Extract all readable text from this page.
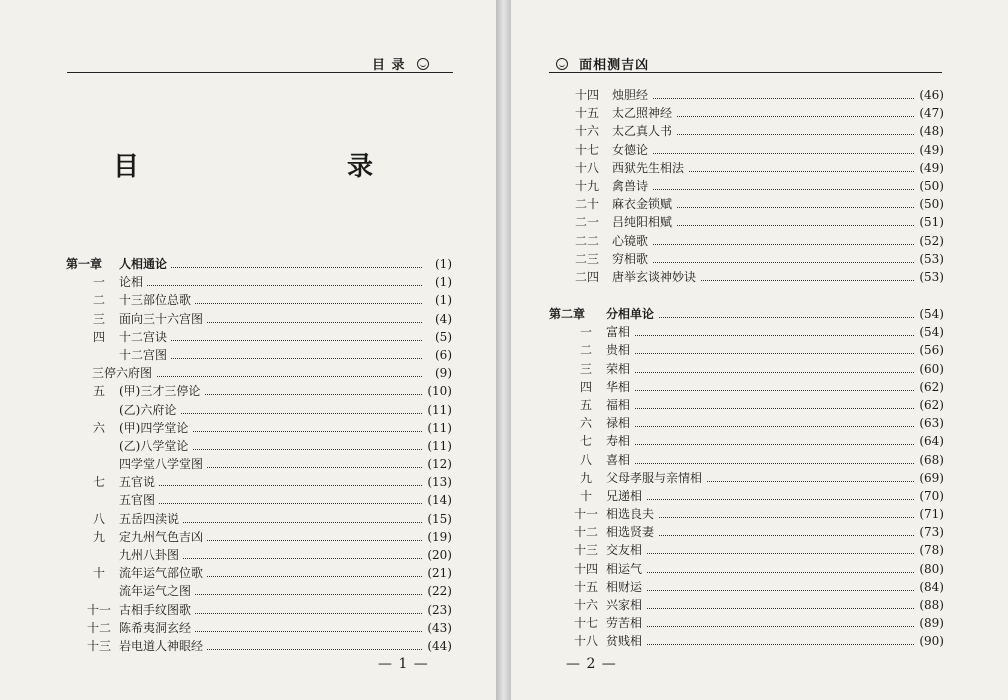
目 录
目　　录
第一章	人相通论	(1)
一	论相	(1)
二	十三部位总歌	(1)
三	面向三十六宫图	(4)
四	十二宫诀	(5)
十二宫图	(6)
三停六府图	(9)
五	(甲)三才三停论	(10)
(乙)六府论	(11)
六	(甲)四学堂论	(11)
(乙)八学堂论	(11)
四学堂八学堂图	(12)
七	五官说	(13)
五官图	(14)
八	五岳四渎说	(15)
九	定九州气色吉凶	(19)
九州八卦图	(20)
十	流年运气部位歌	(21)
流年运气之图	(22)
十一 古相手纹图歌	(23)
十二 陈希夷洞玄经	(43)
十三 岩电道人神眼经	(44)
— 1 —
面相测吉凶
十四 烛胆经	(46)
十五 太乙照神经	(47)
十六 太乙真人书	(48)
十七 女德论	(49)
十八 西狱先生相法	(49)
十九 禽兽诗	(50)
二十 麻衣金锁赋	(50)
二一 吕纯阳相赋	(51)
二二 心镜歌	(52)
二三 穷相歌	(53)
二四 唐举玄谈神妙诀	(53)
第二章	分相单论	(54)
一	富相	(54)
二	贵相	(56)
三	荣相	(60)
四	华相	(62)
五	福相	(62)
六	禄相	(63)
七	寿相	(64)
八	喜相	(68)
九	父母孝服与亲情相	(69)
十	兄递相	(70)
十一 相选良夫	(71)
十二 相选贤妻	(73)
十三 交友相	(78)
十四 相运气	(80)
十五 相财运	(84)
十六 兴家相	(88)
十七 劳苦相	(89)
十八 贫贱相	(90)
— 2 —
